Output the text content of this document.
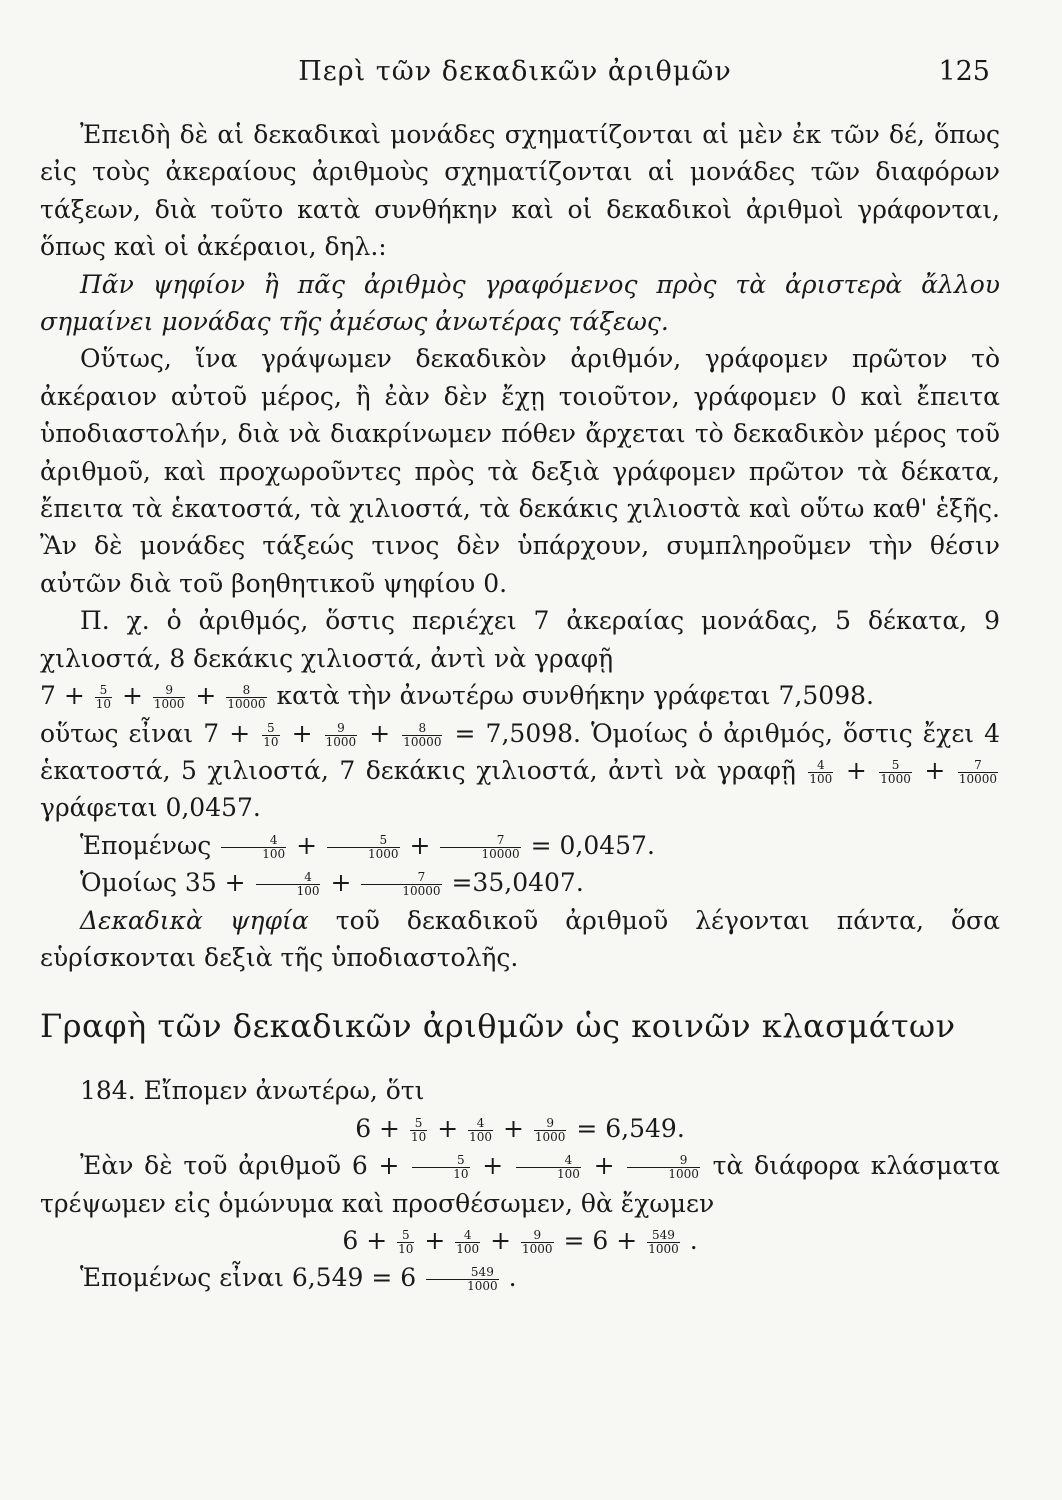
Περὶ τῶν δεκαδικῶν ἀριθμῶν	125

Ἐπειδὴ δὲ αἱ δεκαδικαὶ μονάδες σχηματίζονται αἱ μὲν ἐκ τῶν δέ, ὅπως εἰς τοὺς ἀκεραίους ἀριθμοὺς σχηματίζονται αἱ μονάδες τῶν διαφόρων τάξεων, διὰ τοῦτο κατὰ συνθήκην καὶ οἱ δεκαδικοὶ ἀριθμοὶ γράφονται, ὅπως καὶ οἱ ἀκέραιοι, δηλ.:

Πᾶν ψηφίον ἢ πᾶς ἀριθμὸς γραφόμενος πρὸς τὰ ἀριστερὰ ἄλλου σημαίνει μονάδας τῆς ἀμέσως ἀνωτέρας τάξεως.

Οὕτως, ἵνα γράψωμεν δεκαδικὸν ἀριθμόν, γράφομεν πρῶτον τὸ ἀκέραιον αὐτοῦ μέρος, ἢ ἐὰν δὲν ἔχῃ τοιοῦτον, γράφομεν 0 καὶ ἔπειτα ὑποδιαστολήν, διὰ νὰ διακρίνωμεν πόθεν ἄρχεται τὸ δεκαδικὸν μέρος τοῦ ἀριθμοῦ, καὶ προχωροῦντες πρὸς τὰ δεξιὰ γράφομεν πρῶτον τὰ δέκατα, ἔπειτα τὰ ἑκατοστά, τὰ χιλιοστά, τὰ δεκάκις χιλιοστὰ καὶ οὕτω καθ' ἑξῆς. Ἂν δὲ μονάδες τάξεώς τινος δὲν ὑπάρχουν, συμπληροῦμεν τὴν θέσιν αὐτῶν διὰ τοῦ βοηθητικοῦ ψηφίου 0.

Π. χ. ὁ ἀριθμός, ὅστις περιέχει 7 ἀκεραίας μονάδας, 5 δέκατα, 9 χιλιοστά, 8 δεκάκις χιλιοστά, ἀντὶ νὰ γραφῇ

$7 + \frac{5}{10} + \frac{9}{1000} + \frac{8}{10000}$ κατὰ τὴν ἀνωτέρω συνθήκην γράφεται 7,5098.

οὕτως εἶναι $7 + \frac{5}{10} + \frac{9}{1000} + \frac{8}{10000} = 7,5098$. Ὁμοίως ὁ ἀριθμός, ὅστις ἔχει 4 ἑκατοστά, 5 χιλιοστά, 7 δεκάκις χιλιοστά, ἀντὶ νὰ γραφῇ $\frac{4}{100} + \frac{5}{1000} + \frac{7}{10000}$
γράφεται 0,0457.

Ἑπομένως $\frac{4}{100} + \frac{5}{1000} + \frac{7}{10000} = 0,0457$.

Ὁμοίως $35 + \frac{4}{100} + \frac{7}{10000} =35,0407$.

Δεκαδικὰ ψηφία τοῦ δεκαδικοῦ ἀριθμοῦ λέγονται πάντα, ὅσα εὑρίσκονται δεξιὰ τῆς ὑποδιαστολῆς.

Γραφὴ τῶν δεκαδικῶν ἀριθμῶν ὡς κοινῶν κλασμάτων

184. Εἴπομεν ἀνωτέρω, ὅτι

$6 + \frac{5}{10} + \frac{4}{100} + \frac{9}{1000} = 6,549$.

Ἐὰν δὲ τοῦ ἀριθμοῦ $6 + \frac{5}{10} + \frac{4}{100} + \frac{9}{1000}$ τὰ διάφορα κλάσματα τρέψωμεν εἰς ὁμώνυμα καὶ προσθέσωμεν, θὰ ἔχωμεν

$6 + \frac{5}{10} + \frac{4}{100} + \frac{9}{1000} = 6 + \frac{549}{1000}$ .

Ἑπομένως εἶναι $6,549 = 6 \frac{549}{1000}$ .
